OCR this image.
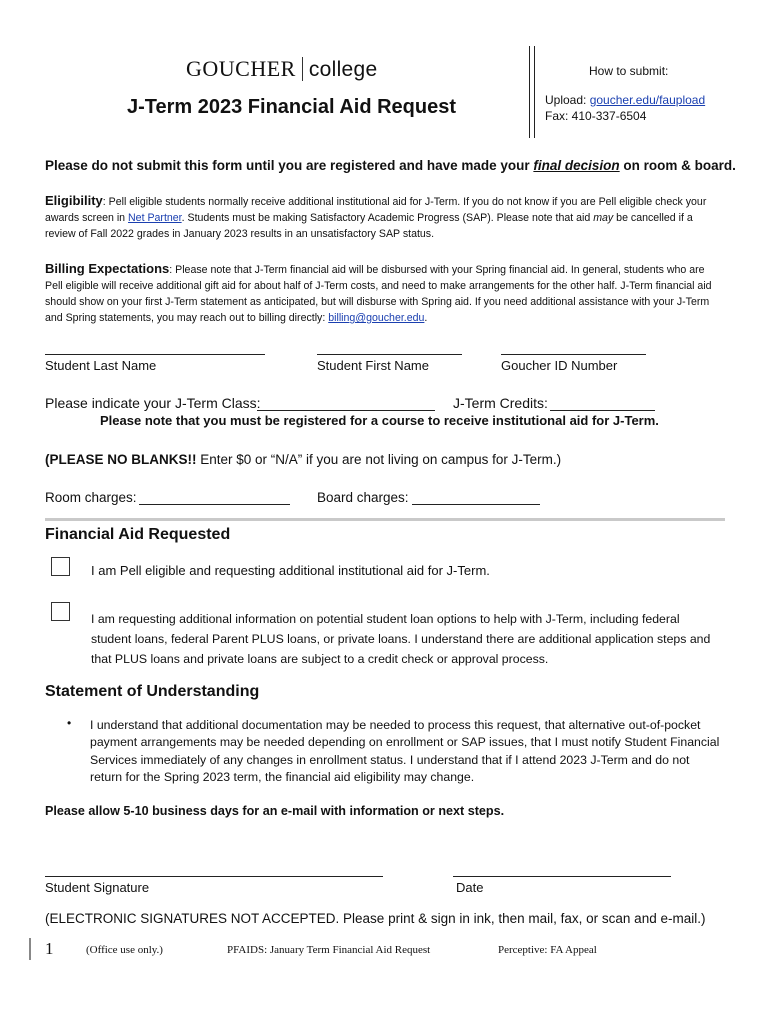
GOUCHER college
J-Term 2023 Financial Aid Request
How to submit:
Upload: goucher.edu/faupload
Fax: 410-337-6504
Please do not submit this form until you are registered and have made your final decision on room & board.
Eligibility: Pell eligible students normally receive additional institutional aid for J-Term. If you do not know if you are Pell eligible check your awards screen in Net Partner. Students must be making Satisfactory Academic Progress (SAP). Please note that aid may be cancelled if a review of Fall 2022 grades in January 2023 results in an unsatisfactory SAP status.
Billing Expectations: Please note that J-Term financial aid will be disbursed with your Spring financial aid. In general, students who are Pell eligible will receive additional gift aid for about half of J-Term costs, and need to make arrangements for the other half. J-Term financial aid should show on your first J-Term statement as anticipated, but will disburse with Spring aid. If you need additional assistance with your J-Term and Spring statements, you may reach out to billing directly: billing@goucher.edu.
Student Last Name	Student First Name	Goucher ID Number
Please indicate your J-Term Class:	J-Term Credits:
Please note that you must be registered for a course to receive institutional aid for J-Term.
(PLEASE NO BLANKS!! Enter $0 or “N/A” if you are not living on campus for J-Term.)
Room charges:	Board charges:
Financial Aid Requested
I am Pell eligible and requesting additional institutional aid for J-Term.
I am requesting additional information on potential student loan options to help with J-Term, including federal student loans, federal Parent PLUS loans, or private loans. I understand there are additional application steps and that PLUS loans and private loans are subject to a credit check or approval process.
Statement of Understanding
• I understand that additional documentation may be needed to process this request, that alternative out-of-pocket payment arrangements may be needed depending on enrollment or SAP issues, that I must notify Student Financial Services immediately of any changes in enrollment status. I understand that if I attend 2023 J-Term and do not return for the Spring 2023 term, the financial aid eligibility may change.
Please allow 5-10 business days for an e-mail with information or next steps.
Student Signature	Date
(ELECTRONIC SIGNATURES NOT ACCEPTED. Please print & sign in ink, then mail, fax, or scan and e-mail.)
1	(Office use only.)	PFAIDS: January Term Financial Aid Request	Perceptive: FA Appeal
